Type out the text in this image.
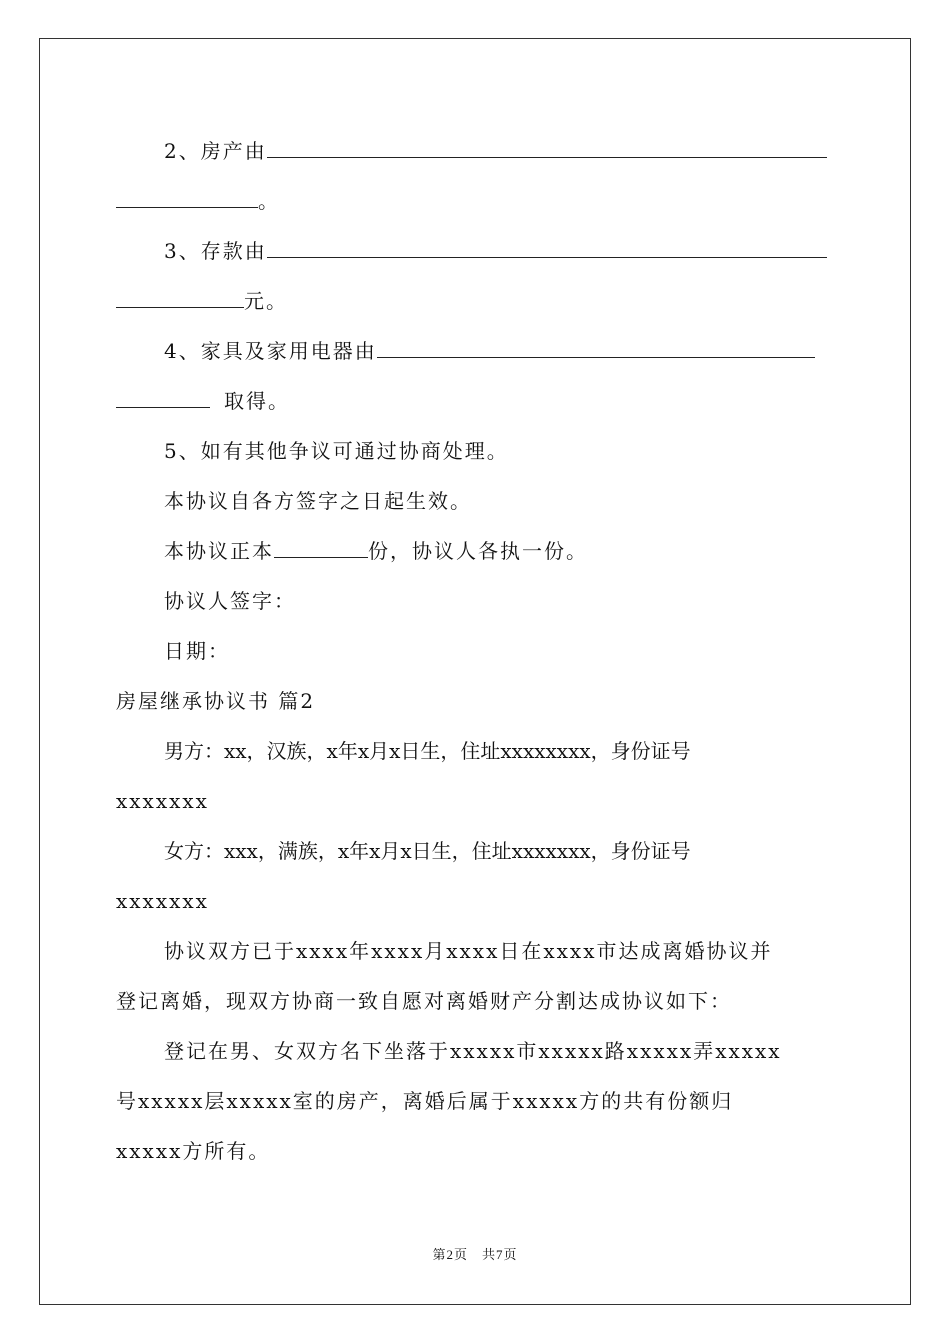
2、房产由
。
3、存款由
元。
4、家具及家用电器由
取得。
5、如有其他争议可通过协商处理。
本协议自各方签字之日起生效。
本协议正本	份，协议人各执一份。
协议人签字：
日期：
房屋继承协议书 篇2
男方：xx，汉族，x年x月x日生，住址xxxxxxxx，身份证号
xxxxxxx
女方：xxx，满族，x年x月x日生，住址xxxxxxx，身份证号
xxxxxxx
协议双方已于xxxx年xxxx月xxxx日在xxxx市达成离婚协议并
登记离婚，现双方协商一致自愿对离婚财产分割达成协议如下：
登记在男、女双方名下坐落于xxxxx市xxxxx路xxxxx弄xxxxx
号xxxxx层xxxxx室的房产，离婚后属于xxxxx方的共有份额归
xxxxx方所有。
第2页　共7页
